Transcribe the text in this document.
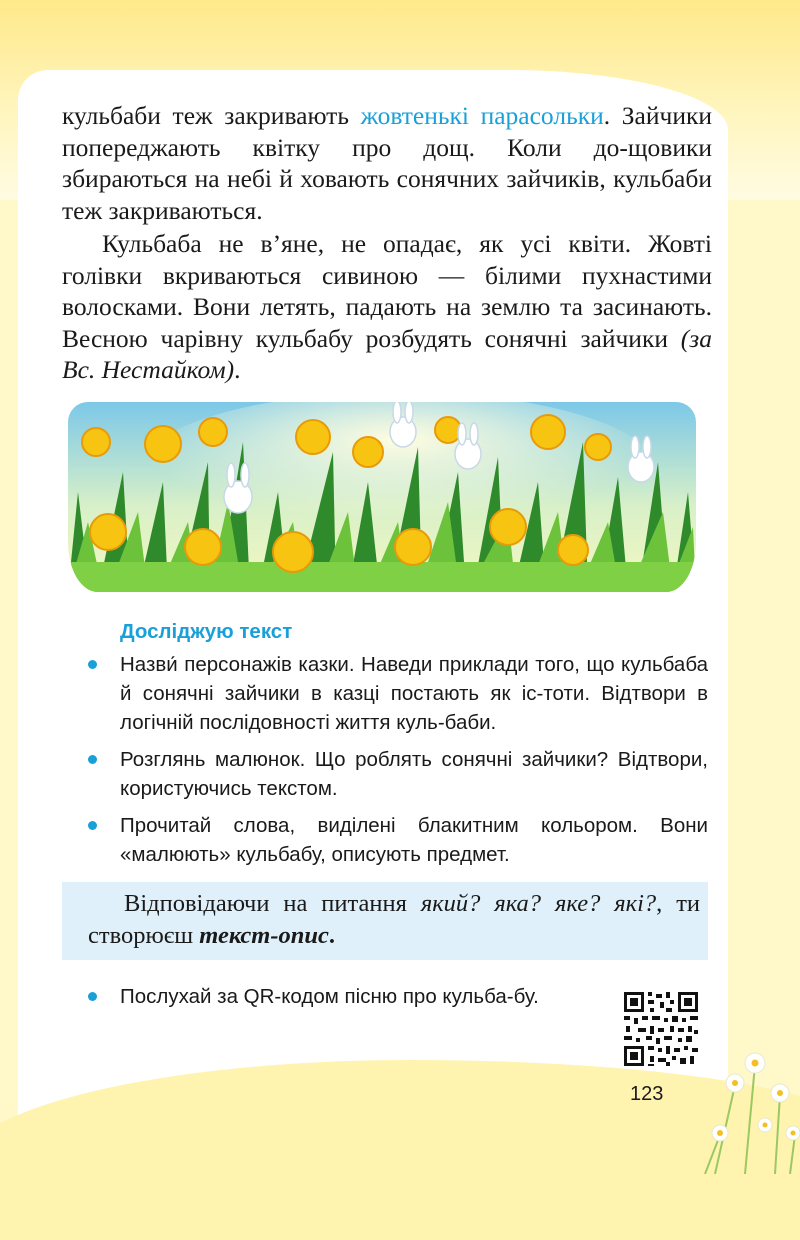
кульбаби теж закривають жовтенькі парасольки. Зайчики попереджають квітку про дощ. Коли до-щовики збираються на небі й ховають сонячних зайчиків, кульбаби теж закриваються.

Кульбаба не в’яне, не опадає, як усі квіти. Жовті голівки вкриваються сивиною — білими пухнастими волосками. Вони летять, падають на землю та засинають. Весною чарівну кульбабу розбудять сонячні зайчики (за Вс. Нестайком).

Досліджую текст
Назви́ персонажів казки. Наведи приклади того, що кульбаба й сонячні зайчики в казці постають як іс-тоти. Відтвори в логічній послідовності життя куль-баби.
Розглянь малюнок. Що роблять сонячні зайчики? Відтвори, користуючись текстом.
Прочитай слова, виділені блакитним кольором. Вони «малюють» кульбабу, описують предмет.
Відповідаючи на питання який? яка? яке? які?, ти створюєш текст-опис.
Послухай за QR-кодом пісню про кульба-бу.
123
